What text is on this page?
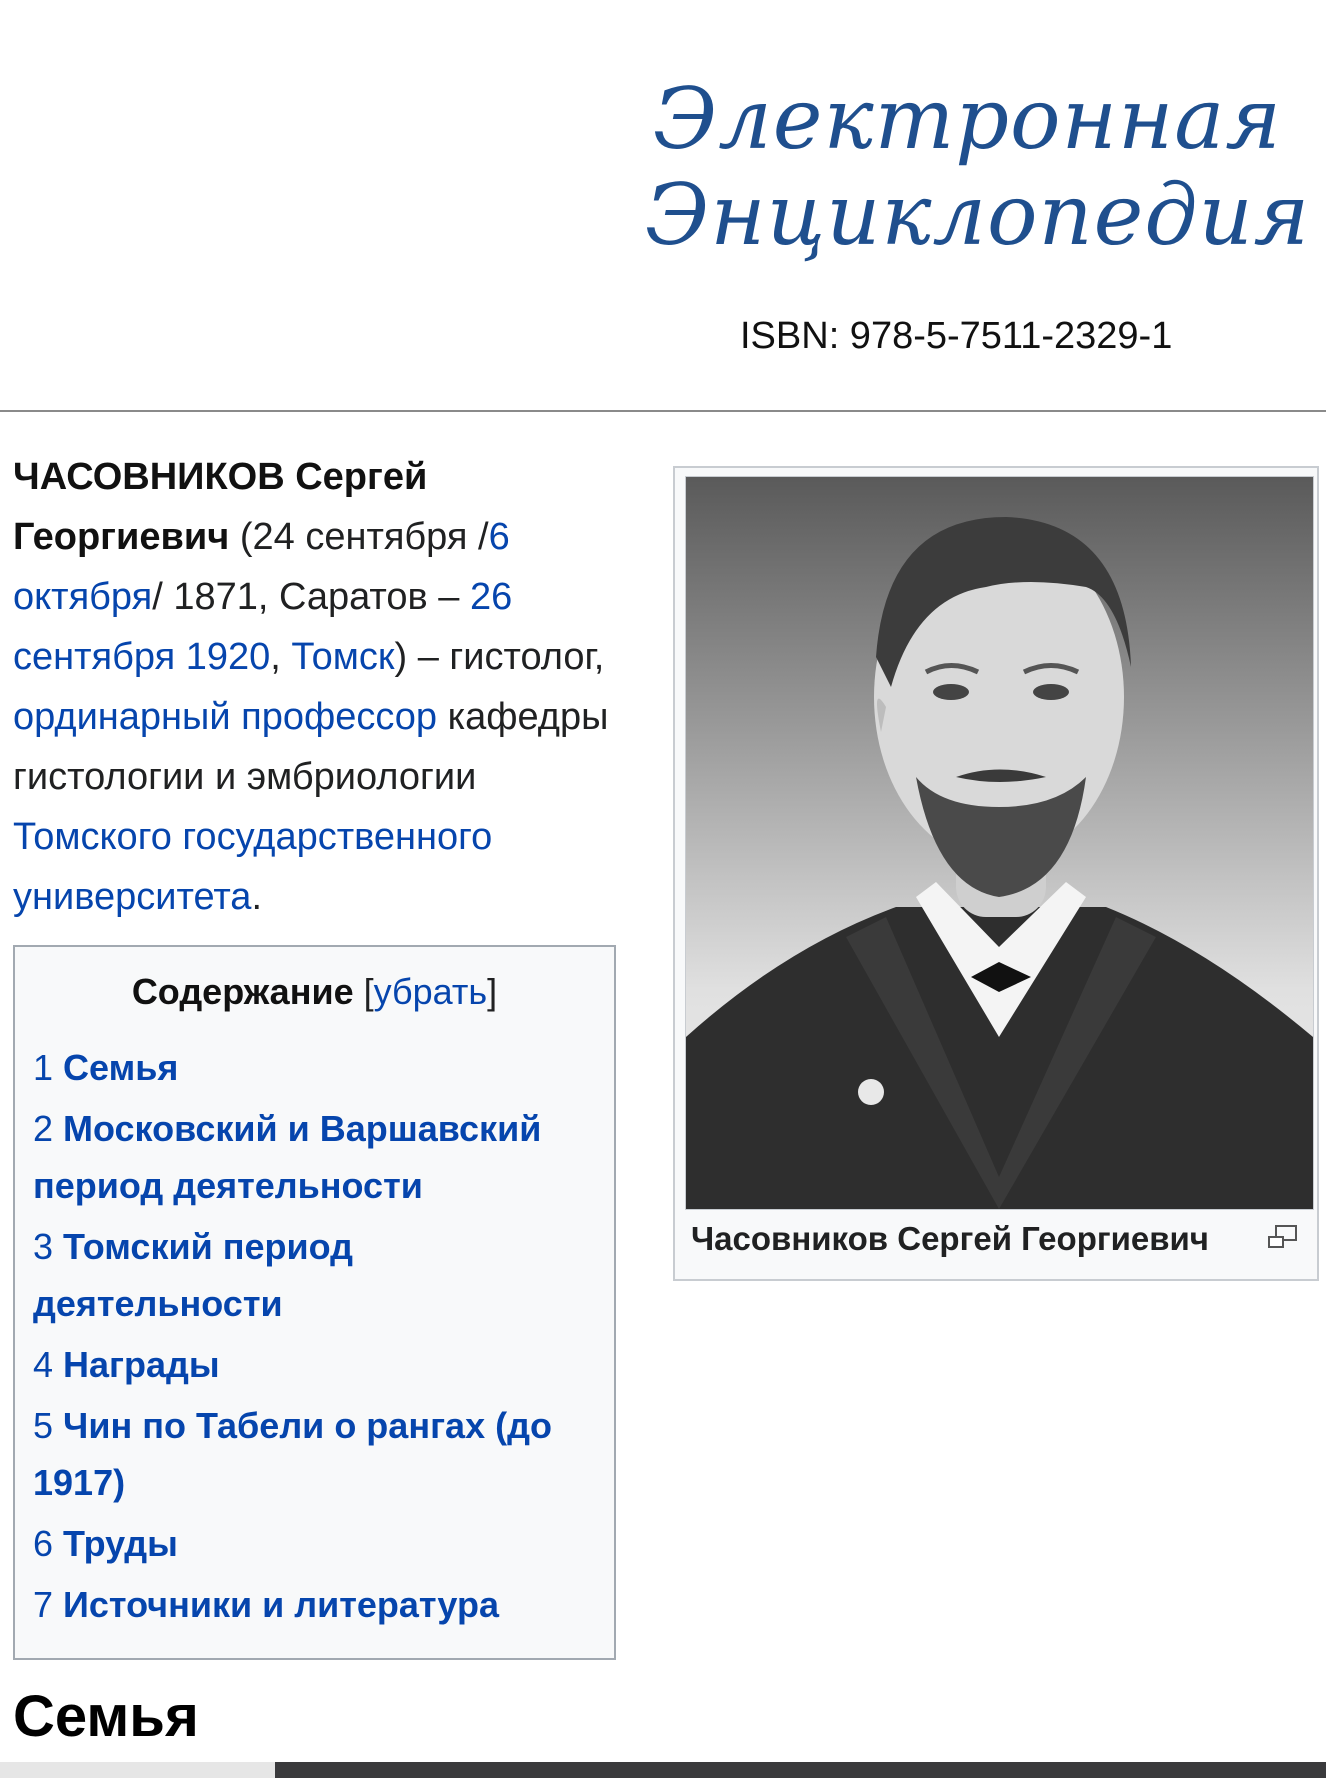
Электронная
Энциклопедия
ISBN: 978-5-7511-2329-1
ЧАСОВНИКОВ Сергей Георгиевич (24 сентября /6 октября/ 1871, Саратов – 26 сентября 1920, Томск) – гистолог, ординарный профессор кафедры гистологии и эмбриологии Томского государственного университета.
Часовников Сергей Георгиевич
Содержание [убрать]
1 Семья
2 Московский и Варшавский период деятельности
3 Томский период деятельности
4 Награды
5 Чин по Табели о рангах (до 1917)
6 Труды
7 Источники и литература
Семья
